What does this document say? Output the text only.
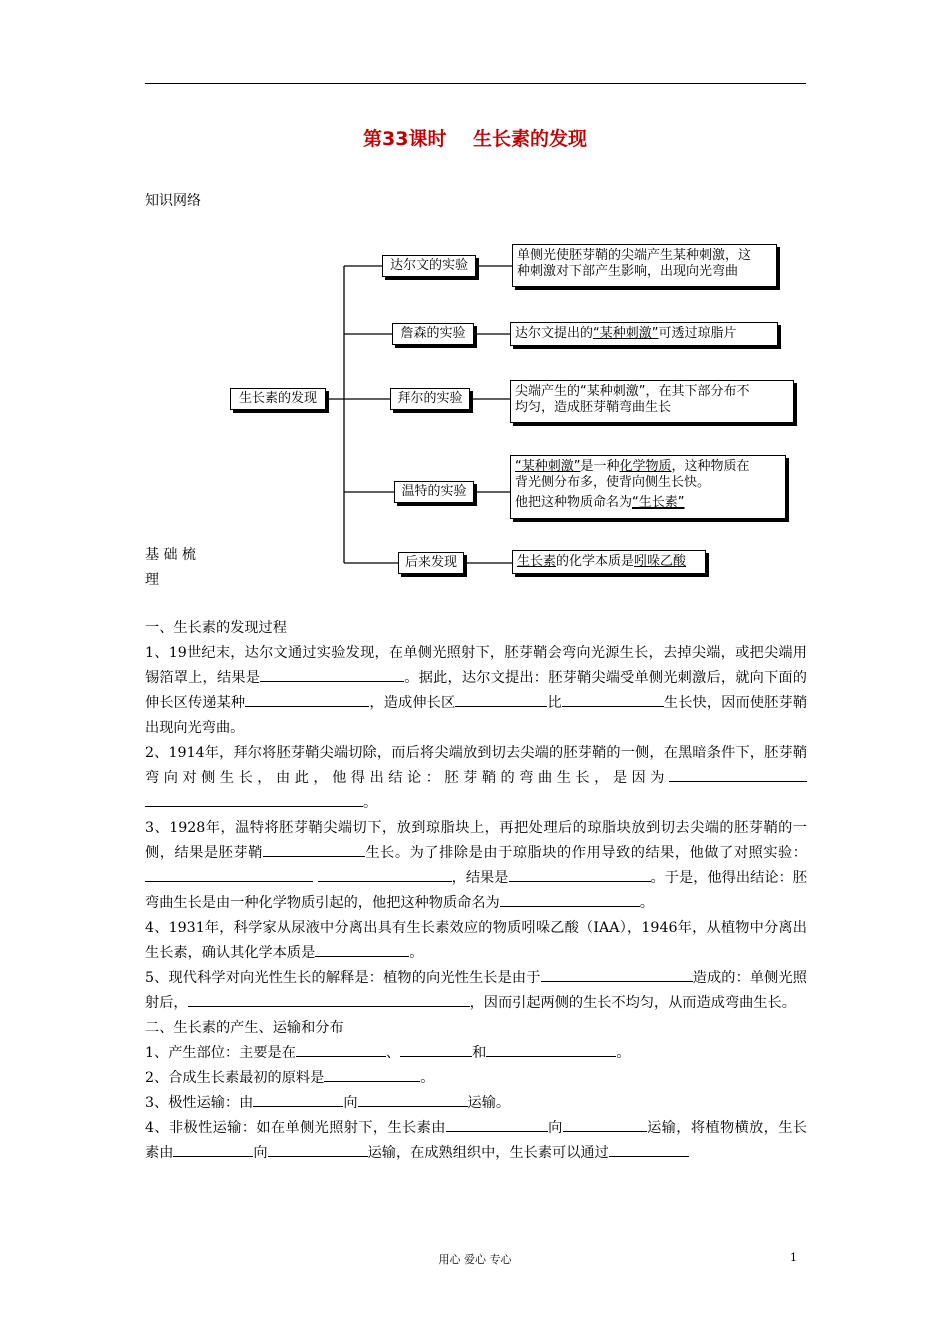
第33课时    生长素的发现
知识网络
生长素的发现
达尔文的实验
詹森的实验
拜尔的实验
温特的实验
后来发现
单侧光使胚芽鞘的尖端产生某种刺激，这
种刺激对下部产生影响，出现向光弯曲
达尔文提出的“某种刺激”可透过琼脂片
尖端产生的“某种刺激”，在其下部分布不
均匀，造成胚芽鞘弯曲生长
“某种刺激”是一种化学物质，这种物质在
背光侧分布多，使背向侧生长快。
他把这种物质命名为“生长素”
生长素的化学本质是吲哚乙酸
基 础 梳
理

一、生长素的发现过程

1、19世纪末，达尔文通过实验发现，在单侧光照射下，胚芽鞘会弯向光源生长，去掉尖端，或把尖端用锡箔罩上，结果是	。据此，达尔文提出：胚芽鞘尖端受单侧光刺激后，就向下面的伸长区传递某种	，造成伸长区	比	生长快，因而使胚芽鞘出现向光弯曲。

2、1914年，拜尔将胚芽鞘尖端切除，而后将尖端放到切去尖端的胚芽鞘的一侧，在黑暗条件下，胚芽鞘弯向对侧生长，由此，他得出结论：胚芽鞘的弯曲生长，是因为。

3、1928年，温特将胚芽鞘尖端切下，放到琼脂块上，再把处理后的琼脂块放到切去尖端的胚芽鞘的一侧，结果是胚芽鞘	生长。为了排除是由于琼脂块的作用导致的结果，他做了对照实验： ，结果是	。于是，他得出结论：胚弯曲生长是由一种化学物质引起的，他把这种物质命名为	。

4、1931年，科学家从尿液中分离出具有生长素效应的物质吲哚乙酸（IAA），1946年，从植物中分离出生长素，确认其化学本质是	。

5、现代科学对向光性生长的解释是：植物的向光性生长是由于	造成的：单侧光照射后，	，因而引起两侧的生长不均匀，从而造成弯曲生长。

二、生长素的产生、运输和分布

1、产生部位：主要是在	、	和	。

2、合成生长素最初的原料是	。

3、极性运输：由	向	运输。

4、非极性运输：如在单侧光照射下，生长素由	向	运输，将植物横放，生长素由	向	运输，在成熟组织中，生长素可以通过

用心 爱心 专心	1
